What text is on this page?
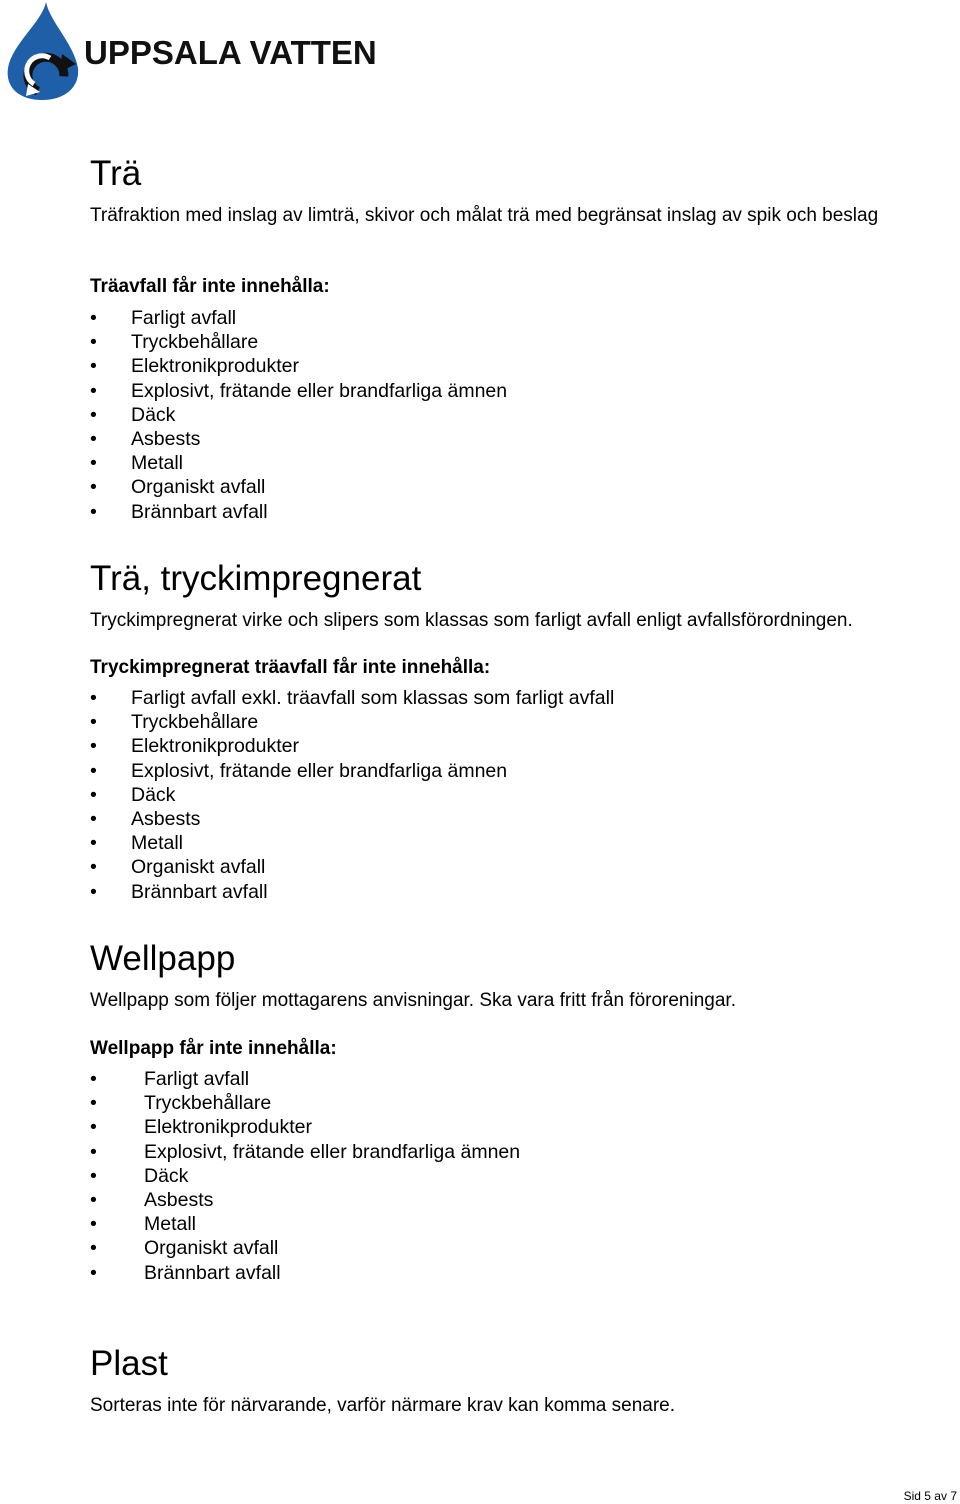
UPPSALA VATTEN
Trä

Träfraktion med inslag av limträ, skivor och målat trä med begränsat inslag av spik och beslag

Träavfall får inte innehålla:
• Farligt avfall
• Tryckbehållare
• Elektronikprodukter
• Explosivt, frätande eller brandfarliga ämnen
• Däck
• Asbests
• Metall
• Organiskt avfall
• Brännbart avfall
Trä, tryckimpregnerat

Tryckimpregnerat virke och slipers som klassas som farligt avfall enligt avfallsförordningen.

Tryckimpregnerat träavfall får inte innehålla:
• Farligt avfall exkl. träavfall som klassas som farligt avfall
• Tryckbehållare
• Elektronikprodukter
• Explosivt, frätande eller brandfarliga ämnen
• Däck
• Asbests
• Metall
• Organiskt avfall
• Brännbart avfall
Wellpapp

Wellpapp som följer mottagarens anvisningar. Ska vara fritt från föroreningar.

Wellpapp får inte innehålla:
• Farligt avfall
• Tryckbehållare
• Elektronikprodukter
• Explosivt, frätande eller brandfarliga ämnen
• Däck
• Asbests
• Metall
• Organiskt avfall
• Brännbart avfall
Plast

Sorteras inte för närvarande, varför närmare krav kan komma senare.

Sid 5 av 7
